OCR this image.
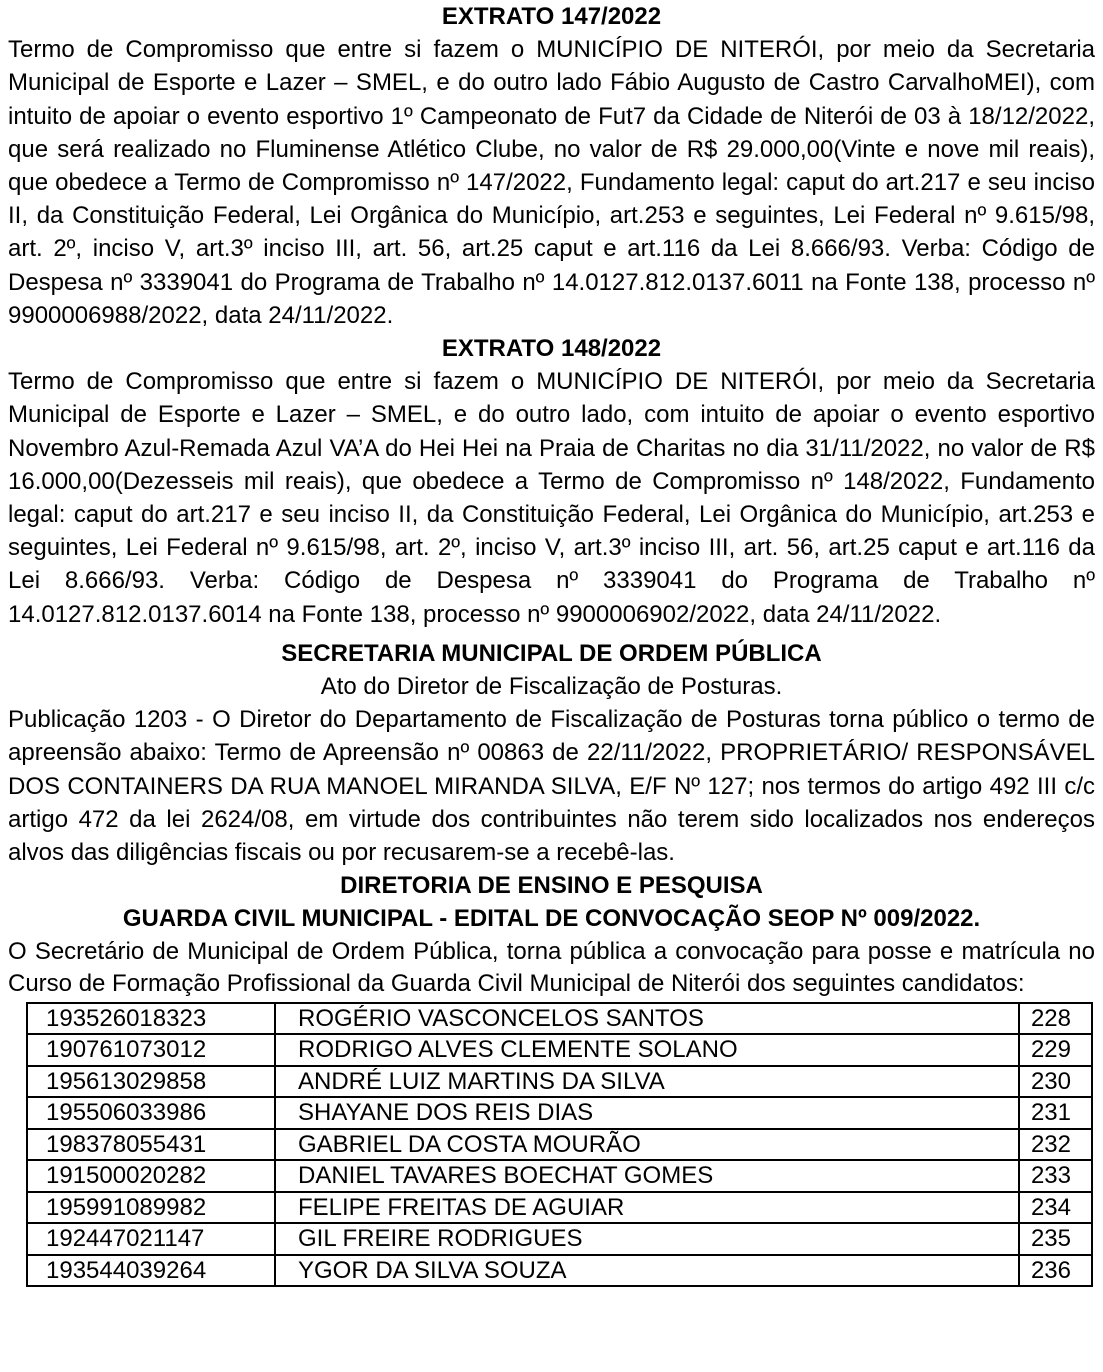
EXTRATO 147/2022

Termo de Compromisso que entre si fazem o MUNICÍPIO DE NITERÓI, por meio da Secretaria Municipal de Esporte e Lazer – SMEL, e do outro lado Fábio Augusto de Castro CarvalhoMEI), com intuito de apoiar o evento esportivo 1º Campeonato de Fut7 da Cidade de Niterói de 03 à 18/12/2022, que será realizado no Fluminense Atlético Clube, no valor de R$ 29.000,00(Vinte e nove mil reais), que obedece a Termo de Compromisso nº 147/2022, Fundamento legal: caput do art.217 e seu inciso II, da Constituição Federal, Lei Orgânica do Município, art.253 e seguintes, Lei Federal nº 9.615/98, art. 2º, inciso V, art.3º inciso III, art. 56, art.25 caput e art.116 da Lei 8.666/93. Verba: Código de Despesa nº 3339041 do Programa de Trabalho nº 14.0127.812.0137.6011 na Fonte 138, processo nº 9900006988/2022, data 24/11/2022.

EXTRATO 148/2022

Termo de Compromisso que entre si fazem o MUNICÍPIO DE NITERÓI, por meio da Secretaria Municipal de Esporte e Lazer – SMEL, e do outro lado, com intuito de apoiar o evento esportivo Novembro Azul-Remada Azul VA’A do Hei Hei na Praia de Charitas no dia 31/11/2022, no valor de R$ 16.000,00(Dezesseis mil reais), que obedece a Termo de Compromisso nº 148/2022, Fundamento legal: caput do art.217 e seu inciso II, da Constituição Federal, Lei Orgânica do Município, art.253 e seguintes, Lei Federal nº 9.615/98, art. 2º, inciso V, art.3º inciso III, art. 56, art.25 caput e art.116 da Lei 8.666/93. Verba: Código de Despesa nº 3339041 do Programa de Trabalho nº 14.0127.812.0137.6014 na Fonte 138, processo nº 9900006902/2022, data 24/11/2022.

SECRETARIA MUNICIPAL DE ORDEM PÚBLICA
Ato do Diretor de Fiscalização de Posturas.

Publicação 1203 - O Diretor do Departamento de Fiscalização de Posturas torna público o termo de apreensão abaixo: Termo de Apreensão nº 00863 de 22/11/2022, PROPRIETÁRIO/ RESPONSÁVEL DOS CONTAINERS DA RUA MANOEL MIRANDA SILVA, E/F Nº 127; nos termos do artigo 492 III c/c artigo 472 da lei 2624/08, em virtude dos contribuintes não terem sido localizados nos endereços alvos das diligências fiscais ou por recusarem-se a recebê-las.

DIRETORIA DE ENSINO E PESQUISA
GUARDA CIVIL MUNICIPAL - EDITAL DE CONVOCAÇÃO SEOP Nº 009/2022.

O Secretário de Municipal de Ordem Pública, torna pública a convocação para posse e matrícula no Curso de Formação Profissional da Guarda Civil Municipal de Niterói dos seguintes candidatos:

193526018323	ROGÉRIO VASCONCELOS SANTOS	228
190761073012	RODRIGO ALVES CLEMENTE SOLANO	229
195613029858	ANDRÉ LUIZ MARTINS DA SILVA	230
195506033986	SHAYANE DOS REIS DIAS	231
198378055431	GABRIEL DA COSTA MOURÃO	232
191500020282	DANIEL TAVARES BOECHAT GOMES	233
195991089982	FELIPE FREITAS DE AGUIAR	234
192447021147	GIL FREIRE RODRIGUES	235
193544039264	YGOR DA SILVA SOUZA	236
